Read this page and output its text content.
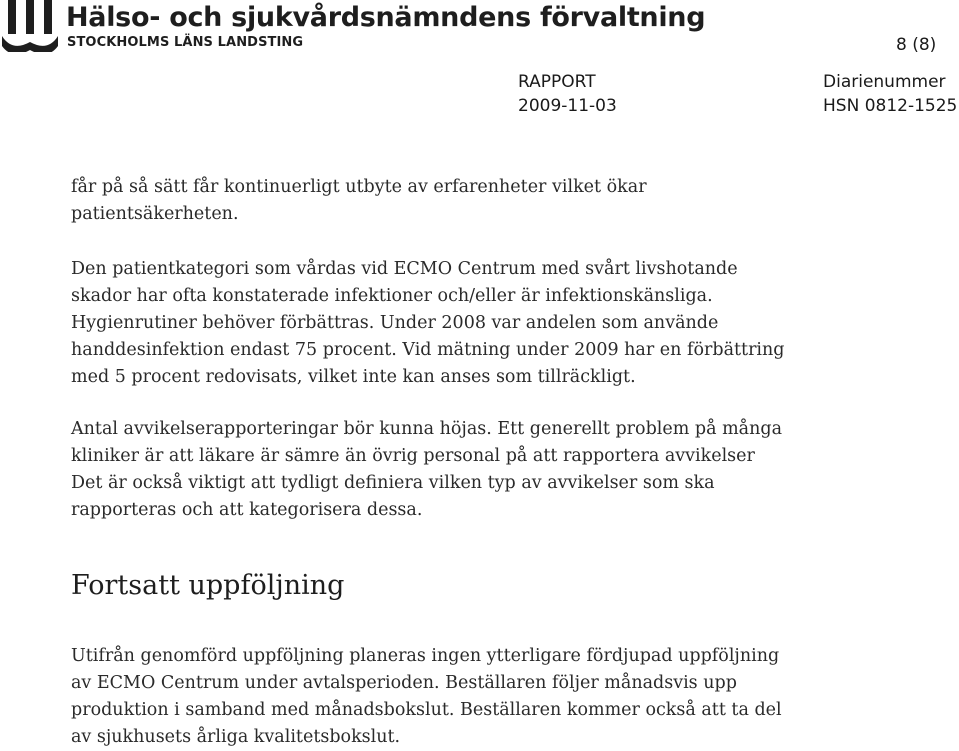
Hälso- och sjukvårdsnämndens förvaltning
STOCKHOLMS LÄNS LANDSTING	8 (8)
RAPPORT
2009-11-03
Diarienummer
HSN 0812-1525

får på så sätt får kontinuerligt utbyte av erfarenheter vilket ökar patientsäkerheten.

Den patientkategori som vårdas vid ECMO Centrum med svårt livshotande skador har ofta konstaterade infektioner och/eller är infektionskänsliga. Hygienrutiner behöver förbättras. Under 2008 var andelen som använde handdesinfektion endast 75 procent. Vid mätning under 2009 har en förbättring med 5 procent redovisats, vilket inte kan anses som tillräckligt.

Antal avvikelserapporteringar bör kunna höjas. Ett generellt problem på många kliniker är att läkare är sämre än övrig personal på att rapportera avvikelser Det är också viktigt att tydligt definiera vilken typ av avvikelser som ska rapporteras och att kategorisera dessa.

Fortsatt uppföljning

Utifrån genomförd uppföljning planeras ingen ytterligare fördjupad uppföljning av ECMO Centrum under avtalsperioden. Beställaren följer månadsvis upp produktion i samband med månadsbokslut. Beställaren kommer också att ta del av sjukhusets årliga kvalitetsbokslut.
